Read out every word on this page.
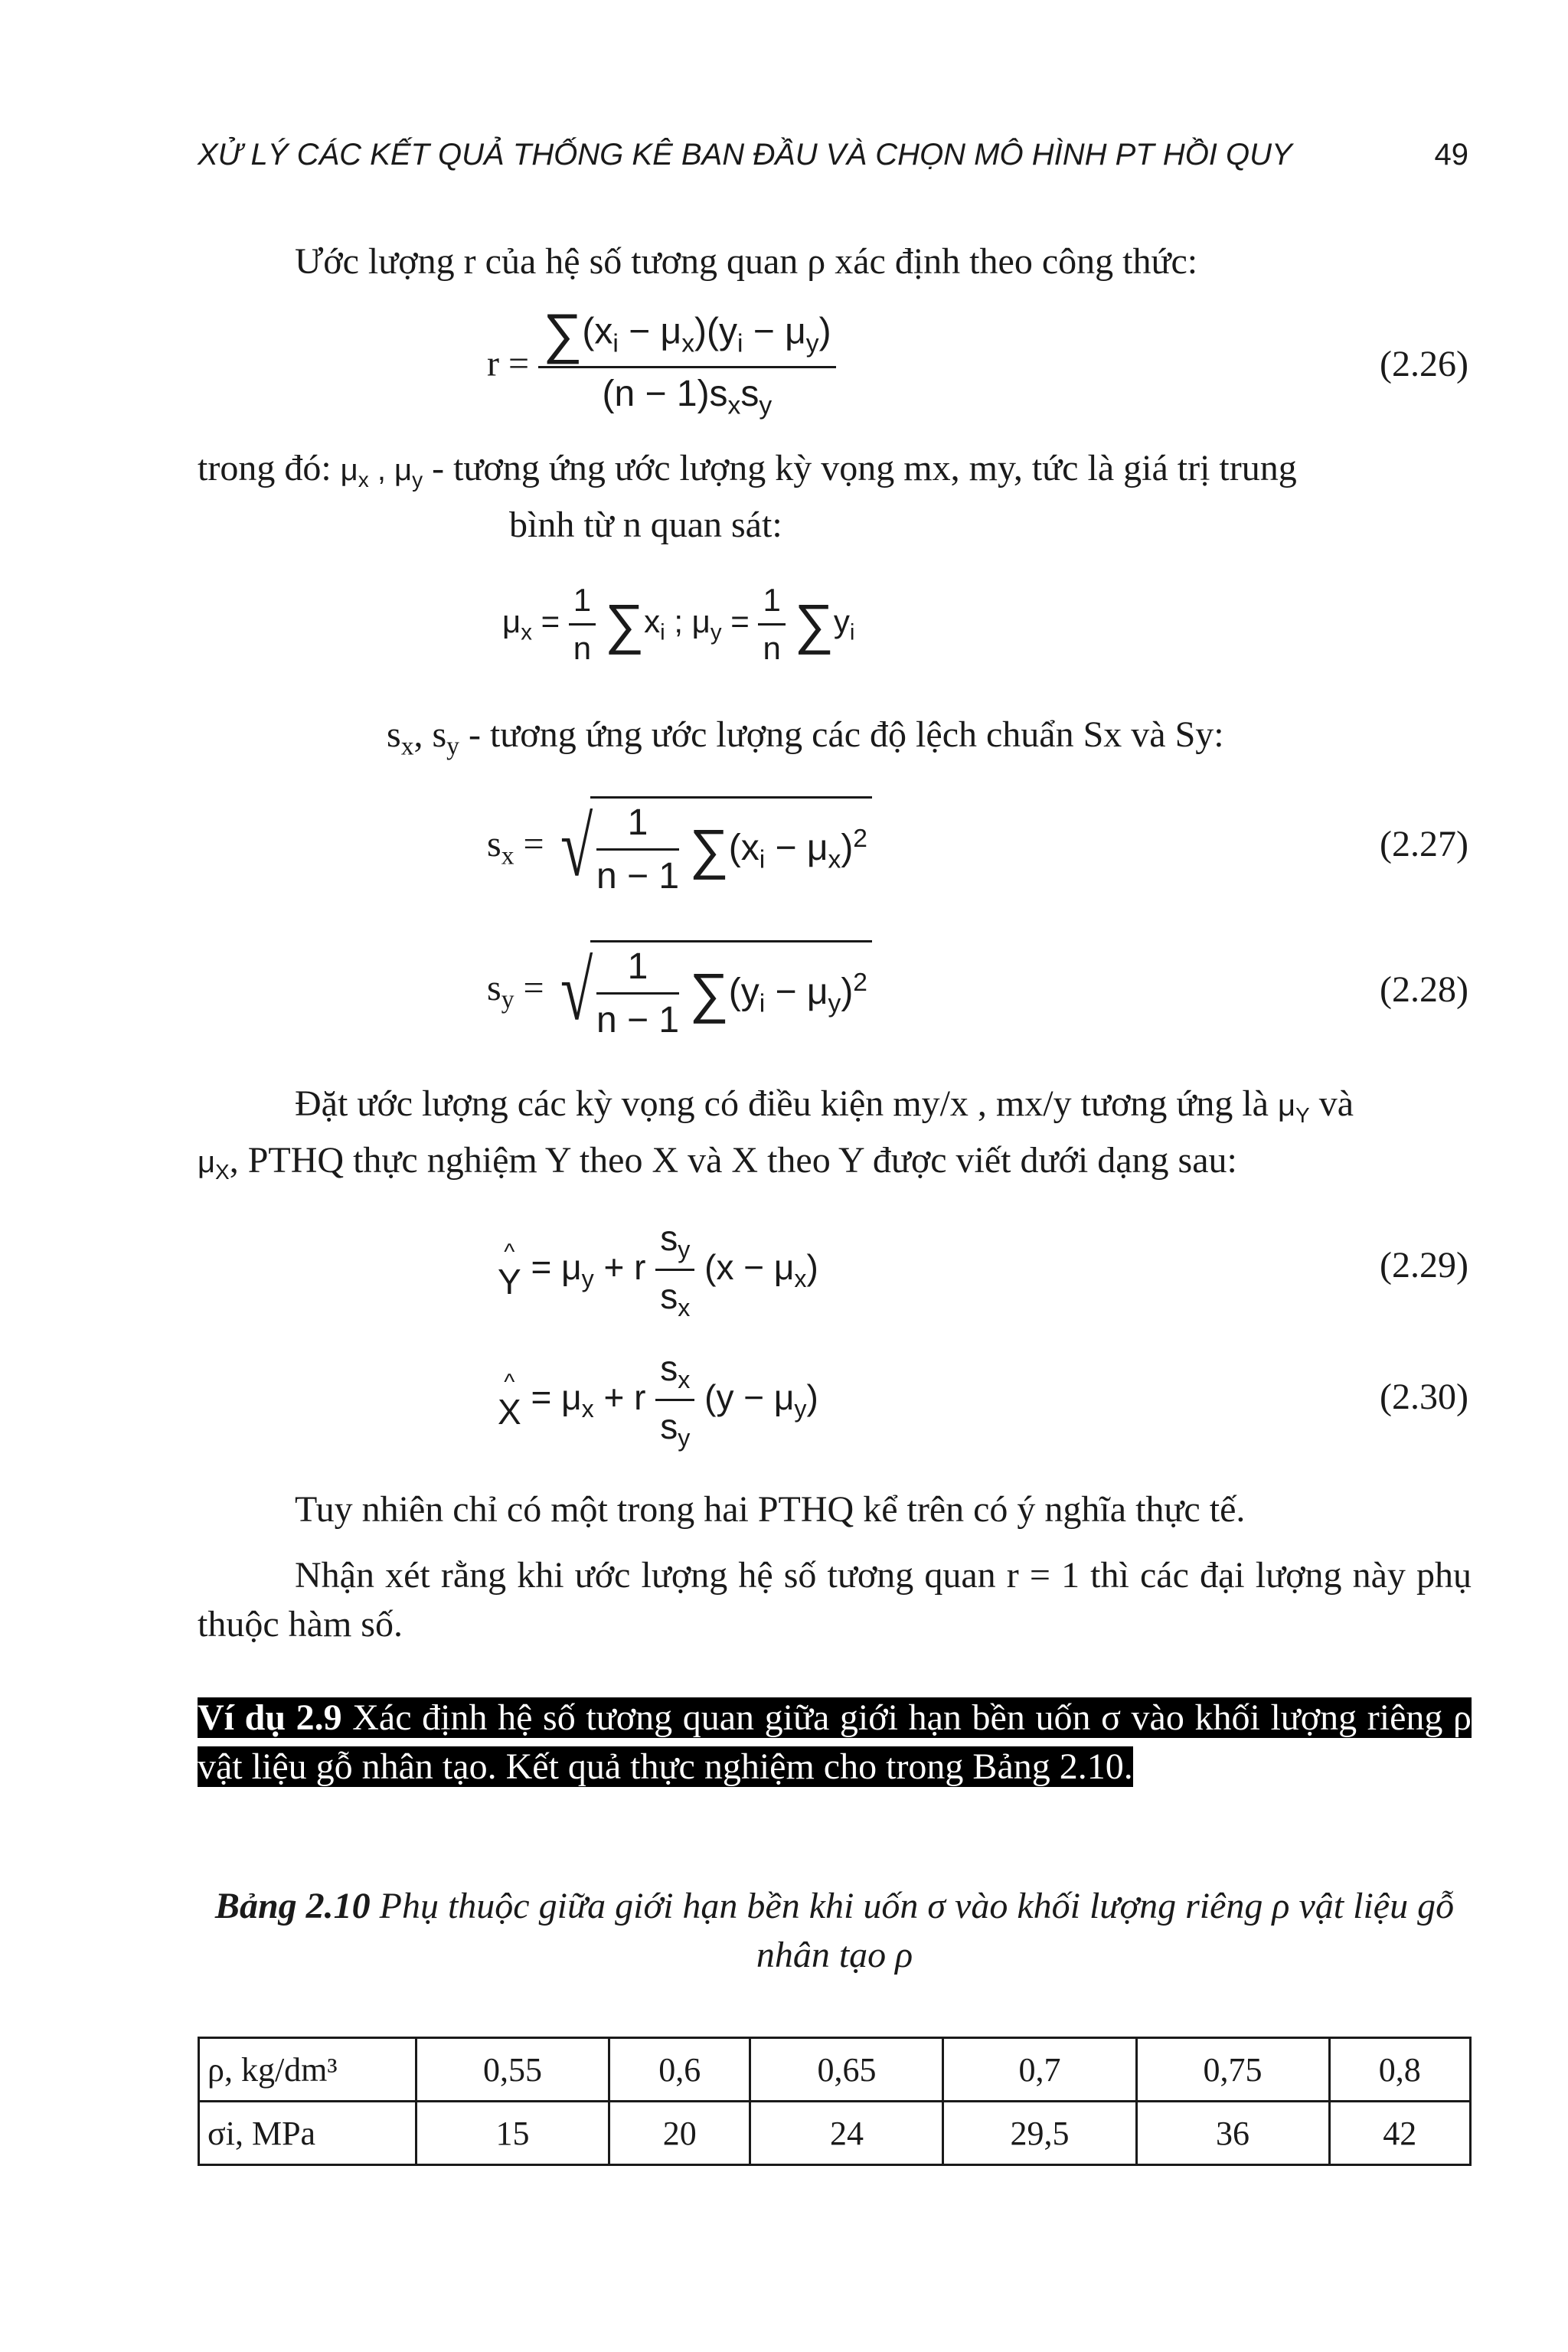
XỬ LÝ CÁC KẾT QUẢ THỐNG KÊ BAN ĐẦU VÀ CHỌN MÔ HÌNH PT HỒI QUY	49
Ước lượng r của hệ số tương quan ρ xác định theo công thức:
$r = \frac{\sum(x_i - \mu_x)(y_i - \mu_y)}{(n - 1)s_xs_y}$	(2.26)
trong đó: $\mu_x$ , $\mu_y$ - tương ứng ước lượng kỳ vọng mx, my, tức là giá trị trung
bình từ n quan sát:
$\mu_x = \frac{1}{n} \sum x_i$ ; $\mu_y = \frac{1}{n} \sum y_i$
$s_x$, $s_y$ - tương ứng ước lượng các độ lệch chuẩn Sx và Sy:
$s_x$ = √ $\frac{1}{n - 1} \sum(x_i - \mu_x)^2$	(2.27)
$s_y$ = √ $\frac{1}{n - 1} \sum(y_i - \mu_y)^2$	(2.28)
Đặt ước lượng các kỳ vọng có điều kiện my/x , mx/y tương ứng là $\mu_Y$ và
$\mu_X$, PTHQ thực nghiệm Y theo X và X theo Y được viết dưới dạng sau:
^
$Y = \mu_y + r \frac{s_y}{s_x} (x - \mu_x)$	(2.29)
^
$X = \mu_x + r \frac{s_x}{s_y} (y - \mu_y)$	(2.30)
Tuy nhiên chỉ có một trong hai PTHQ kể trên có ý nghĩa thực tế.
Nhận xét rằng khi ước lượng hệ số tương quan r = 1 thì các đại lượng này phụ thuộc hàm số.
Ví dụ 2.9 Xác định hệ số tương quan giữa giới hạn bền uốn σ vào khối lượng riêng ρ vật liệu gỗ nhân tạo. Kết quả thực nghiệm cho trong Bảng 2.10.
Bảng 2.10 Phụ thuộc giữa giới hạn bền khi uốn σ vào khối lượng riêng ρ vật liệu gỗ nhân tạo ρ
ρ, kg/dm³	0,55	0,6	0,65	0,7	0,75	0,8
σi, MPa	15	20	24	29,5	36	42
